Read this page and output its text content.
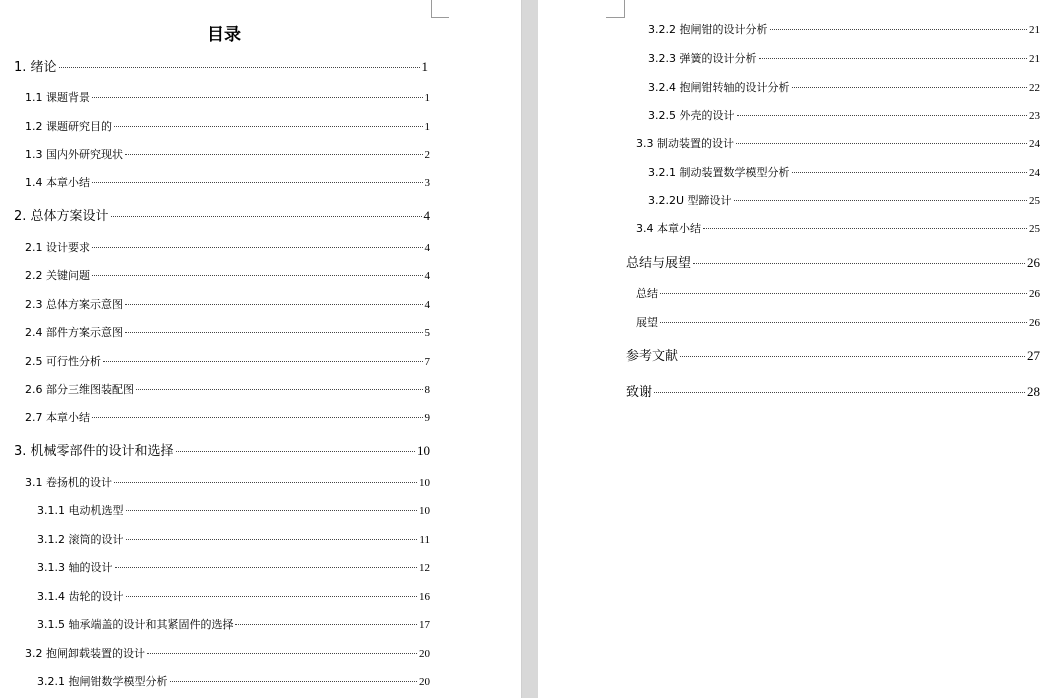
目录
1. 绪论	1
1.1 课题背景	1
1.2 课题研究目的	1
1.3 国内外研究现状	2
1.4 本章小结	3
2. 总体方案设计	4
2.1 设计要求	4
2.2 关键问题	4
2.3 总体方案示意图	4
2.4 部件方案示意图	5
2.5 可行性分析	7
2.6 部分三维图装配图	8
2.7 本章小结	9
3. 机械零部件的设计和选择	10
3.1 卷扬机的设计	10
3.1.1 电动机选型	10
3.1.2 滚筒的设计	11
3.1.3 轴的设计	12
3.1.4 齿轮的设计	16
3.1.5 轴承端盖的设计和其紧固件的选择	17
3.2 抱闸卸载装置的设计	20
3.2.1 抱闸钳数学模型分析	20
3.2.2 抱闸钳的设计分析	21
3.2.3 弹簧的设计分析	21
3.2.4 抱闸钳转轴的设计分析	22
3.2.5 外壳的设计	23
3.3 制动装置的设计	24
3.2.1 制动装置数学模型分析	24
3.2.2U 型蹄设计	25
3.4 本章小结	25
总结与展望	26
总结	26
展望	26
参考文献	27
致谢	28
